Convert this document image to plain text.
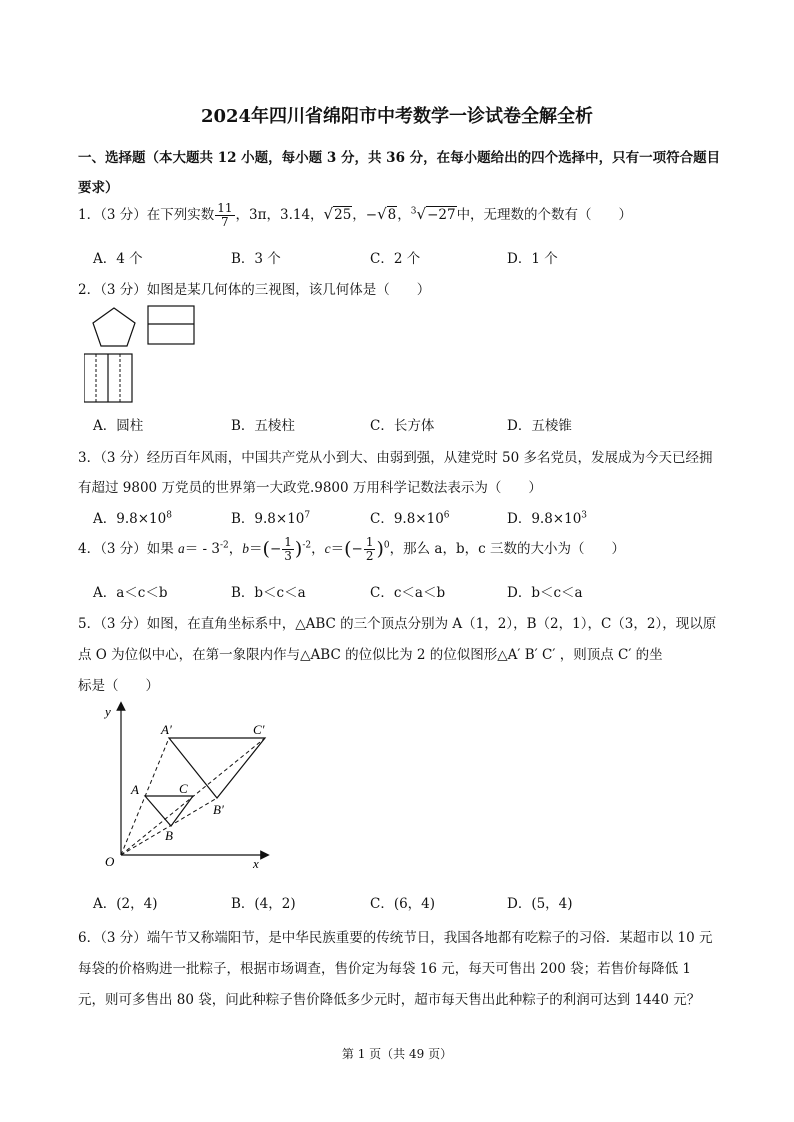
2024年四川省绵阳市中考数学一诊试卷全解全析
一、选择题（本大题共 12 小题，每小题 3 分，共 36 分，在每小题给出的四个选择中，只有一项符合题目
要求）
1．（3 分）在下列实数 $\frac{11}{7}$ ，3π，3.14，√25，−√8，$^3$√−27中，无理数的个数有（　　）
A．4 个	B．3 个	C．2 个	D．1 个
2．（3 分）如图是某几何体的三视图，该几何体是（　　）
A．圆柱	B．五棱柱	C．长方体	D．五棱锥
3．（3 分）经历百年风雨，中国共产党从小到大、由弱到强，从建党时 50 多名党员，发展成为今天已经拥
有超过 9800 万党员的世界第一大政党.9800 万用科学记数法表示为（　　）
A．$9.8\times 10^8$	B．$9.8\times 10^7$	C．$9.8\times 10^6$	D．$9.8\times 10^3$
4．（3 分）如果 $a= - 3^{-2}$，$b=(- \frac{1}{3} )^{-2}$，$c=(- \frac{1}{2} )^0$，那么 a，b，c 三数的大小为（　　）
A．a＜c＜b	B．b＜c＜a	C．c＜a＜b	D．b＜c＜a
5．（3 分）如图，在直角坐标系中，△ABC 的三个顶点分别为 A（1，2），B（2，1），C（3，2），现以原
点 O 为位似中心，在第一象限内作与△ABC 的位似比为 2 的位似图形△A′ B′ C′ ，则顶点 C′ 的坐
标是（　　）
y
x
O
A
B
C
A′
B′
C′
A．(2，4)	B．(4，2)	C．(6，4)	D．(5，4)
6．（3 分）端午节又称端阳节，是中华民族重要的传统节日，我国各地都有吃粽子的习俗．某超市以 10 元
每袋的价格购进一批粽子，根据市场调查，售价定为每袋 16 元，每天可售出 200 袋；若售价每降低 1
元，则可多售出 80 袋，问此种粽子售价降低多少元时，超市每天售出此种粽子的利润可达到 1440 元？
第 1 页（共 49 页）
